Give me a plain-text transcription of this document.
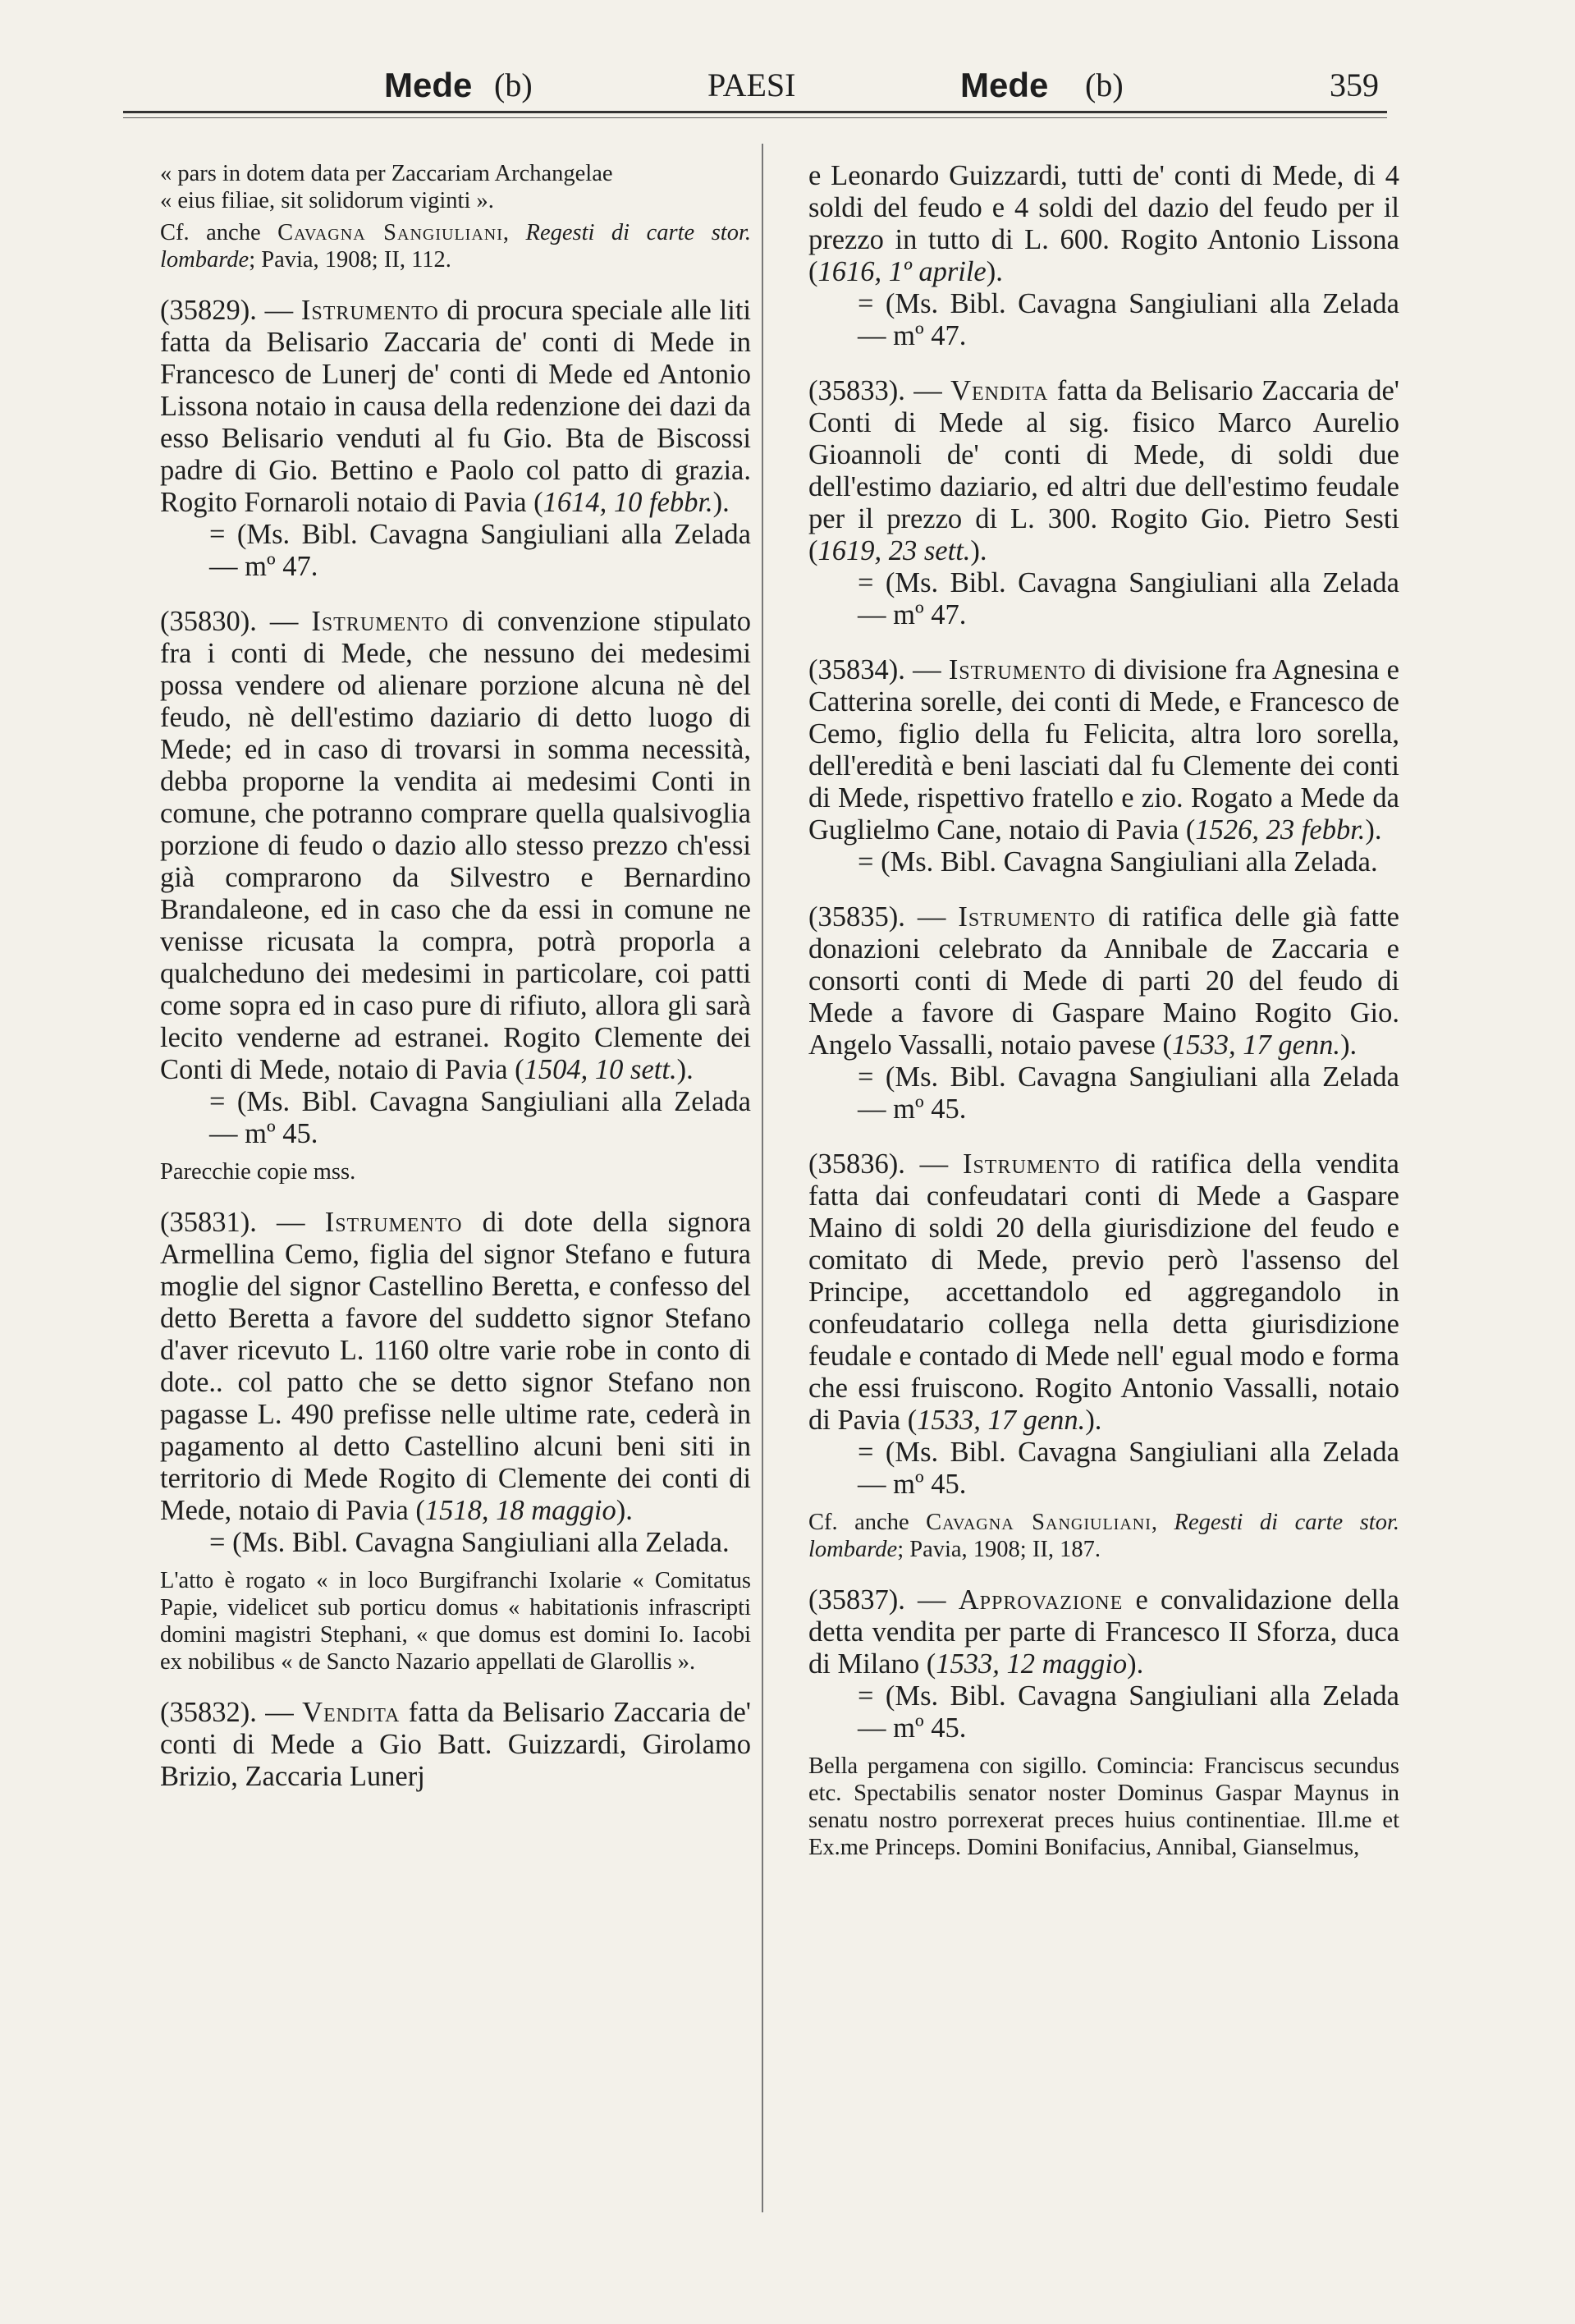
Mede (b)	PAESI	Mede (b)	359
« pars in dotem data per Zaccariam Archangelae
« eius filiae, sit solidorum viginti ».
Cf. anche Cavagna Sangiuliani, Regesti di carte stor. lombarde; Pavia, 1908; II, 112.

(35829). — Istrumento di procura speciale alle liti fatta da Belisario Zaccaria de' conti di Mede in Francesco de Lunerj de' conti di Mede ed Antonio Lissona notaio in causa della redenzione dei dazi da esso Belisario venduti al fu Gio. Bta de Biscossi padre di Gio. Bettino e Paolo col patto di grazia. Rogito Fornaroli notaio di Pavia (1614, 10 febbr.).

= (Ms. Bibl. Cavagna Sangiuliani alla Zelada — mº 47.

(35830). — Istrumento di convenzione stipulato fra i conti di Mede, che nessuno dei medesimi possa vendere od alienare porzione alcuna nè del feudo, nè dell'estimo daziario di detto luogo di Mede; ed in caso di trovarsi in somma necessità, debba proporne la vendita ai medesimi Conti in comune, che potranno comprare quella qualsivoglia porzione di feudo o dazio allo stesso prezzo ch'essi già comprarono da Silvestro e Bernardino Brandaleone, ed in caso che da essi in comune ne venisse ricusata la compra, potrà proporla a qualcheduno dei medesimi in particolare, coi patti come sopra ed in caso pure di rifiuto, allora gli sarà lecito venderne ad estranei. Rogito Clemente dei Conti di Mede, notaio di Pavia (1504, 10 sett.).

= (Ms. Bibl. Cavagna Sangiuliani alla Zelada — mº 45.

Parecchie copie mss.

(35831). — Istrumento di dote della signora Armellina Cemo, figlia del signor Stefano e futura moglie del signor Castellino Beretta, e confesso del detto Beretta a favore del suddetto signor Stefano d'aver ricevuto L. 1160 oltre varie robe in conto di dote.. col patto che se detto signor Stefano non pagasse L. 490 prefisse nelle ultime rate, cederà in pagamento al detto Castellino alcuni beni siti in territorio di Mede Rogito di Clemente dei conti di Mede, notaio di Pavia (1518, 18 maggio).

= (Ms. Bibl. Cavagna Sangiuliani alla Zelada.

L'atto è rogato « in loco Burgifranchi Ixolarie « Comitatus Papie, videlicet sub porticu domus « habitationis infrascripti domini magistri Stephani, « que domus est domini Io. Iacobi ex nobilibus « de Sancto Nazario appellati de Glarollis ».

(35832). — Vendita fatta da Belisario Zaccaria de' conti di Mede a Gio Batt. Guizzardi, Girolamo Brizio, Zaccaria Lunerj

e Leonardo Guizzardi, tutti de' conti di Mede, di 4 soldi del feudo e 4 soldi del dazio del feudo per il prezzo in tutto di L. 600. Rogito Antonio Lissona (1616, 1º aprile).

= (Ms. Bibl. Cavagna Sangiuliani alla Zelada — mº 47.

(35833). — Vendita fatta da Belisario Zaccaria de' Conti di Mede al sig. fisico Marco Aurelio Gioannoli de' conti di Mede, di soldi due dell'estimo daziario, ed altri due dell'estimo feudale per il prezzo di L. 300. Rogito Gio. Pietro Sesti (1619, 23 sett.).

= (Ms. Bibl. Cavagna Sangiuliani alla Zelada — mº 47.

(35834). — Istrumento di divisione fra Agnesina e Catterina sorelle, dei conti di Mede, e Francesco de Cemo, figlio della fu Felicita, altra loro sorella, dell'eredità e beni lasciati dal fu Clemente dei conti di Mede, rispettivo fratello e zio. Rogato a Mede da Guglielmo Cane, notaio di Pavia (1526, 23 febbr.).

= (Ms. Bibl. Cavagna Sangiuliani alla Zelada.

(35835). — Istrumento di ratifica delle già fatte donazioni celebrato da Annibale de Zaccaria e consorti conti di Mede di parti 20 del feudo di Mede a favore di Gaspare Maino Rogito Gio. Angelo Vassalli, notaio pavese (1533, 17 genn.).

= (Ms. Bibl. Cavagna Sangiuliani alla Zelada — mº 45.

(35836). — Istrumento di ratifica della vendita fatta dai confeudatari conti di Mede a Gaspare Maino di soldi 20 della giurisdizione del feudo e comitato di Mede, previo però l'assenso del Principe, accettandolo ed aggregandolo in confeudatario collega nella detta giurisdizione feudale e contado di Mede nell' egual modo e forma che essi fruiscono. Rogito Antonio Vassalli, notaio di Pavia (1533, 17 genn.).

= (Ms. Bibl. Cavagna Sangiuliani alla Zelada — mº 45.

Cf. anche Cavagna Sangiuliani, Regesti di carte stor. lombarde; Pavia, 1908; II, 187.

(35837). — Approvazione e convalidazione della detta vendita per parte di Francesco II Sforza, duca di Milano (1533, 12 maggio).

= (Ms. Bibl. Cavagna Sangiuliani alla Zelada — mº 45.

Bella pergamena con sigillo. Comincia: Franciscus secundus etc. Spectabilis senator noster Dominus Gaspar Maynus in senatu nostro porrexerat preces huius continentiae. Ill.me et Ex.me Princeps. Domini Bonifacius, Annibal, Gianselmus,
